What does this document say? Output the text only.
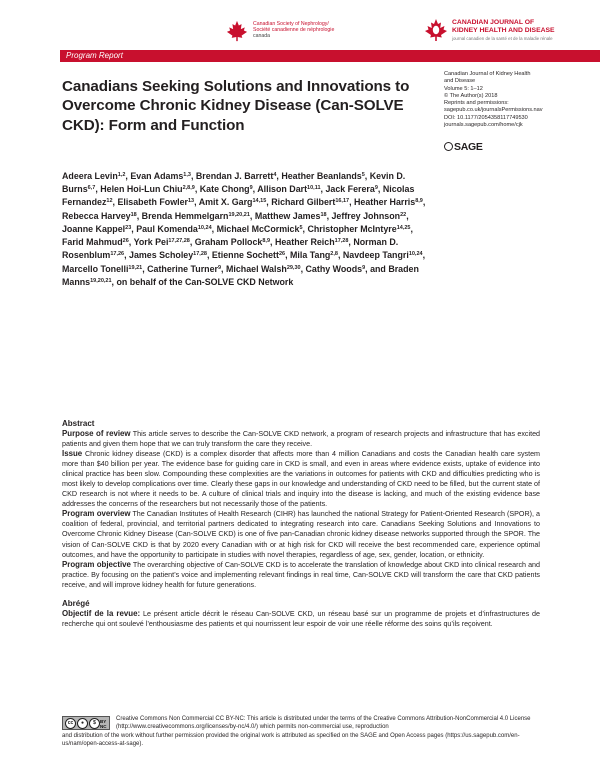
Canadian Society of Nephrology/
Société canadienne de néphrologie
canada
CANADIAN JOURNAL OF
KIDNEY HEALTH AND DISEASE
journal canadien de la santé et de la maladie rénale
Program Report
Canadians Seeking Solutions and Innovations to Overcome Chronic Kidney Disease (Can-SOLVE CKD): Form and Function
Canadian Journal of Kidney Health
and Disease
Volume 5: 1–12
© The Author(s) 2018
Reprints and permissions:
sagepub.co.uk/journalsPermissions.nav
DOI: 10.1177/2054358117749530
journals.sagepub.com/home/cjk
SAGE
Adeera Levin$^{1,2}$, Evan Adams$^{1,3}$, Brendan J. Barrett$^4$, Heather Beanlands$^5$, Kevin D. Burns$^{6,7}$, Helen Hoi-Lun Chiu$^{2,8,9}$, Kate Chong$^9$, Allison Dart$^{10,11}$, Jack Ferera$^9$, Nicolas Fernandez$^{12}$, Elisabeth Fowler$^{13}$, Amit X. Garg$^{14,15}$, Richard Gilbert$^{16,17}$, Heather Harris$^{8,9}$, Rebecca Harvey$^{18}$, Brenda Hemmelgarn$^{19,20,21}$, Matthew James$^{18}$, Jeffrey Johnson$^{22}$, Joanne Kappel$^{23}$, Paul Komenda$^{10,24}$, Michael McCormick$^5$, Christopher McIntyre$^{14,25}$, Farid Mahmud$^{26}$, York Pei$^{17,27,28}$, Graham Pollock$^{8,9}$, Heather Reich$^{17,28}$, Norman D. Rosenblum$^{17,26}$, James Scholey$^{17,28}$, Etienne Sochett$^{26}$, Mila Tang$^{2,8}$, Navdeep Tangri$^{10,24}$, Marcello Tonelli$^{19,21}$, Catherine Turner$^9$, Michael Walsh$^{29,30}$, Cathy Woods$^9$, and Braden Manns$^{19,20,21}$, on behalf of the Can-SOLVE CKD Network
Abstract

Purpose of review This article serves to describe the Can-SOLVE CKD network, a program of research projects and infrastructure that has excited patients and given them hope that we can truly transform the care they receive.

Issue Chronic kidney disease (CKD) is a complex disorder that affects more than 4 million Canadians and costs the Canadian health care system more than $40 billion per year. The evidence base for guiding care in CKD is small, and even in areas where evidence exists, uptake of evidence into clinical practice has been slow. Compounding these complexities are the variations in outcomes for patients with CKD and difficulties predicting who is most likely to develop complications over time. Clearly these gaps in our knowledge and understanding of CKD need to be filled, but the current state of CKD research is not where it needs to be. A culture of clinical trials and inquiry into the disease is lacking, and much of the existing evidence base addresses the concerns of the researchers but not necessarily those of the patients.

Program overview The Canadian Institutes of Health Research (CIHR) has launched the national Strategy for Patient-Oriented Research (SPOR), a coalition of federal, provincial, and territorial partners dedicated to integrating research into care. Canadians Seeking Solutions and Innovations to Overcome Chronic Kidney Disease (Can-SOLVE CKD) is one of five pan-Canadian chronic kidney disease networks supported through the SPOR. The vision of Can-SOLVE CKD is that by 2020 every Canadian with or at high risk for CKD will receive the best recommended care, experience optimal outcomes, and have the opportunity to participate in studies with novel therapies, regardless of age, sex, gender, location, or ethnicity.

Program objective The overarching objective of Can-SOLVE CKD is to accelerate the translation of knowledge about CKD into clinical research and practice. By focusing on the patient’s voice and implementing relevant findings in real time, Can-SOLVE CKD will transform the care that CKD patients receive, and will improve kidney health for future generations.

Abrégé

Objectif de la revue: Le présent article décrit le réseau Can-SOLVE CKD, un réseau basé sur un programme de projets et d’infrastructures de recherche qui ont soulevé l’enthousiasme des patients et qui nourrissent leur espoir de voir une réelle réforme des soins qu’ils reçoivent.

cc	●	$ BY NC
Creative Commons Non Commercial CC BY-NC: This article is distributed under the terms of the Creative Commons Attribution-NonCommercial 4.0 License (http://www.creativecommons.org/licenses/by-nc/4.0/) which permits non-commercial use, reproduction
and distribution of the work without further permission provided the original work is attributed as specified on the SAGE and Open Access pages (https://us.sagepub.com/en-us/nam/open-access-at-sage).
